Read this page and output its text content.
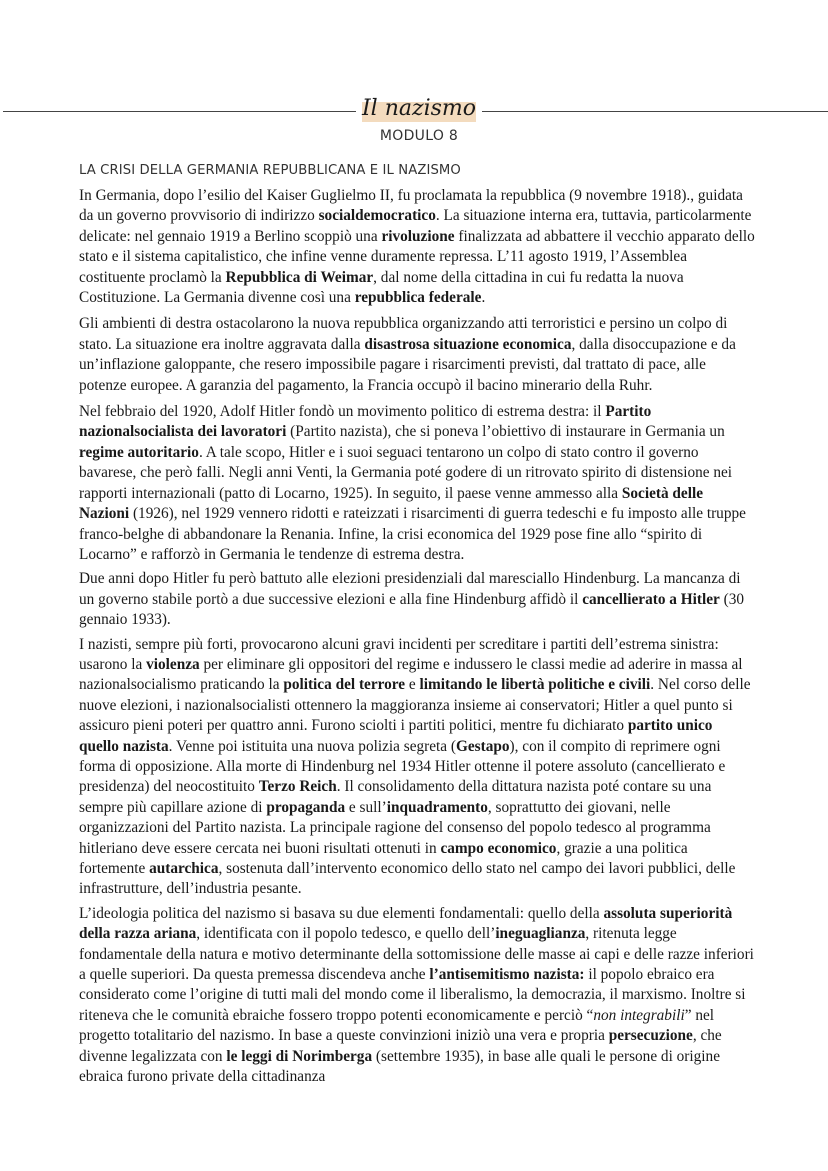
Il nazismo
MODULO 8
LA CRISI DELLA GERMANIA REPUBBLICANA E IL NAZISMO

In Germania, dopo l’esilio del Kaiser Guglielmo II, fu proclamata la repubblica (9 novembre 1918)., guidata da un governo provvisorio di indirizzo socialdemocratico. La situazione interna era, tuttavia, particolarmente delicate: nel gennaio 1919 a Berlino scoppiò una rivoluzione finalizzata ad abbattere il vecchio apparato dello stato e il sistema capitalistico, che infine venne duramente repressa. L’11 agosto 1919, l’Assemblea costituente proclamò la Repubblica di Weimar, dal nome della cittadina in cui fu redatta la nuova Costituzione. La Germania divenne così una repubblica federale.

Gli ambienti di destra ostacolarono la nuova repubblica organizzando atti terroristici e persino un colpo di stato. La situazione era inoltre aggravata dalla disastrosa situazione economica, dalla disoccupazione e da un’inflazione galoppante, che resero impossibile pagare i risarcimenti previsti, dal trattato di pace, alle potenze europee. A garanzia del pagamento, la Francia occupò il bacino minerario della Ruhr.

Nel febbraio del 1920, Adolf Hitler fondò un movimento politico di estrema destra: il Partito nazionalsocialista dei lavoratori (Partito nazista), che si poneva l’obiettivo di instaurare in Germania un regime autoritario. A tale scopo, Hitler e i suoi seguaci tentarono un colpo di stato contro il governo bavarese, che però falli. Negli anni Venti, la Germania poté godere di un ritrovato spirito di distensione nei rapporti internazionali (patto di Locarno, 1925). In seguito, il paese venne ammesso alla Società delle Nazioni (1926), nel 1929 vennero ridotti e rateizzati i risarcimenti di guerra tedeschi e fu imposto alle truppe franco-belghe di abbandonare la Renania. Infine, la crisi economica del 1929 pose fine allo “spirito di Locarno” e rafforzò in Germania le tendenze di estrema destra.

Due anni dopo Hitler fu però battuto alle elezioni presidenziali dal maresciallo Hindenburg. La mancanza di un governo stabile portò a due successive elezioni e alla fine Hindenburg affidò il cancellierato a Hitler (30 gennaio 1933).

I nazisti, sempre più forti, provocarono alcuni gravi incidenti per screditare i partiti dell’estrema sinistra: usarono la violenza per eliminare gli oppositori del regime e indussero le classi medie ad aderire in massa al nazionalsocialismo praticando la politica del terrore e limitando le libertà politiche e civili. Nel corso delle nuove elezioni, i nazionalsocialisti ottennero la maggioranza insieme ai conservatori; Hitler a quel punto si assicuro pieni poteri per quattro anni. Furono sciolti i partiti politici, mentre fu dichiarato partito unico quello nazista. Venne poi istituita una nuova polizia segreta (Gestapo), con il compito di reprimere ogni forma di opposizione. Alla morte di Hindenburg nel 1934 Hitler ottenne il potere assoluto (cancellierato e presidenza) del neocostituito Terzo Reich. Il consolidamento della dittatura nazista poté contare su una sempre più capillare azione di propaganda e sull’inquadramento, soprattutto dei giovani, nelle organizzazioni del Partito nazista. La principale ragione del consenso del popolo tedesco al programma hitleriano deve essere cercata nei buoni risultati ottenuti in campo economico, grazie a una politica fortemente autarchica, sostenuta dall’intervento economico dello stato nel campo dei lavori pubblici, delle infrastrutture, dell’industria pesante.

L’ideologia politica del nazismo si basava su due elementi fondamentali: quello della assoluta superiorità della razza ariana, identificata con il popolo tedesco, e quello dell’ineguaglianza, ritenuta legge fondamentale della natura e motivo determinante della sottomissione delle masse ai capi e delle razze inferiori a quelle superiori. Da questa premessa discendeva anche l’antisemitismo nazista: il popolo ebraico era considerato come l’origine di tutti mali del mondo come il liberalismo, la democrazia, il marxismo. Inoltre si riteneva che le comunità ebraiche fossero troppo potenti economicamente e perciò “non integrabili” nel progetto totalitario del nazismo. In base a queste convinzioni iniziò una vera e propria persecuzione, che divenne legalizzata con le leggi di Norimberga (settembre 1935), in base alle quali le persone di origine ebraica furono private della cittadinanza
